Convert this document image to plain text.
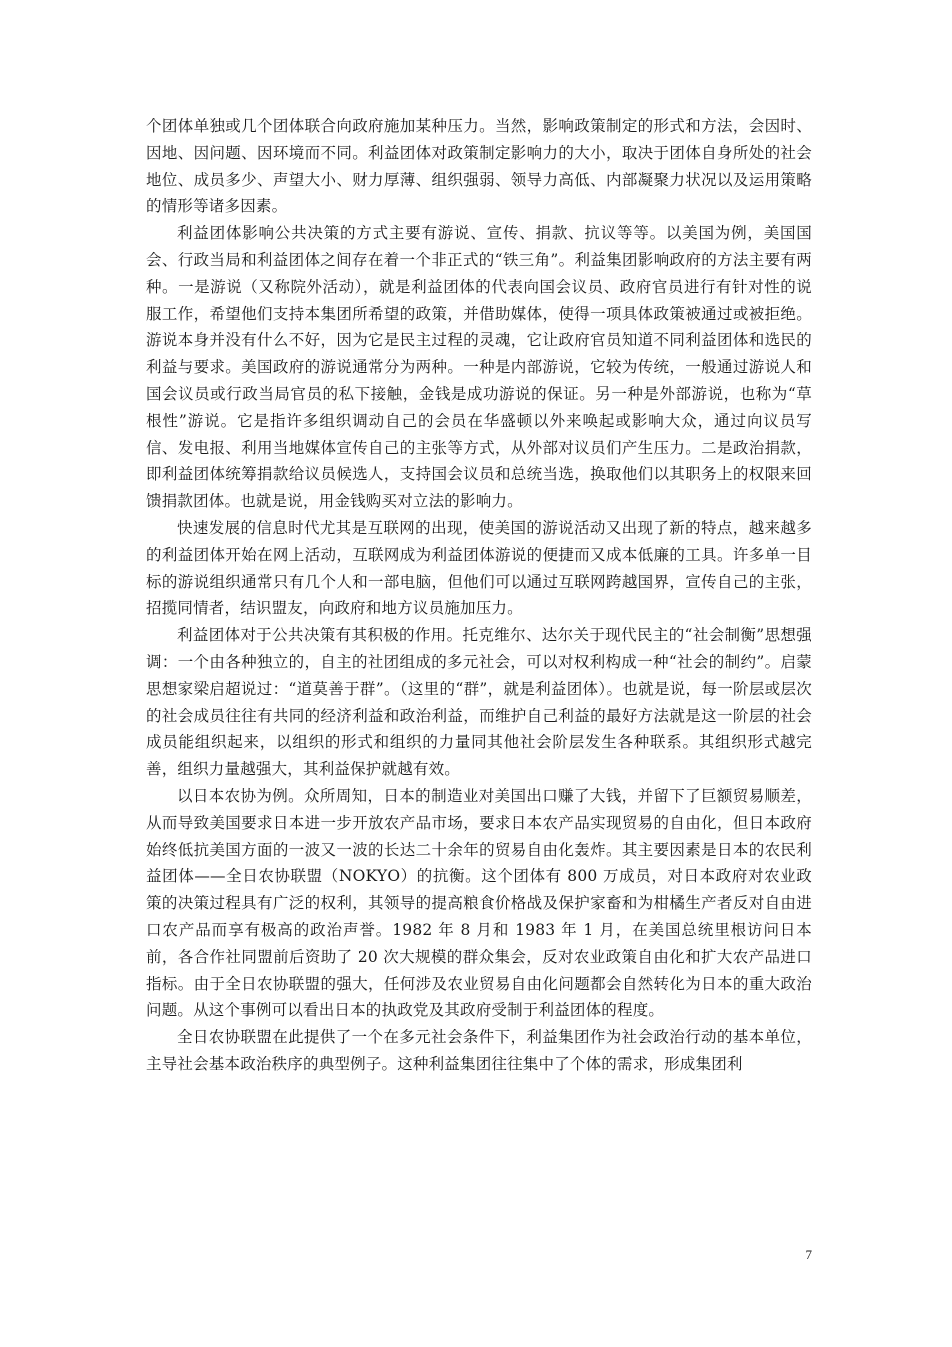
个团体单独或几个团体联合向政府施加某种压力。当然，影响政策制定的形式和方法，会因时、因地、因问题、因环境而不同。利益团体对政策制定影响力的大小，取决于团体自身所处的社会地位、成员多少、声望大小、财力厚薄、组织强弱、领导力高低、内部凝聚力状况以及运用策略的情形等诸多因素。

利益团体影响公共决策的方式主要有游说、宣传、捐款、抗议等等。以美国为例，美国国会、行政当局和利益团体之间存在着一个非正式的“铁三角”。利益集团影响政府的方法主要有两种。一是游说（又称院外活动），就是利益团体的代表向国会议员、政府官员进行有针对性的说服工作，希望他们支持本集团所希望的政策，并借助媒体，使得一项具体政策被通过或被拒绝。游说本身并没有什么不好，因为它是民主过程的灵魂，它让政府官员知道不同利益团体和选民的利益与要求。美国政府的游说通常分为两种。一种是内部游说，它较为传统，一般通过游说人和国会议员或行政当局官员的私下接触，金钱是成功游说的保证。另一种是外部游说，也称为“草根性”游说。它是指许多组织调动自己的会员在华盛顿以外来唤起或影响大众，通过向议员写信、发电报、利用当地媒体宣传自己的主张等方式，从外部对议员们产生压力。二是政治捐款，即利益团体统筹捐款给议员候选人，支持国会议员和总统当选，换取他们以其职务上的权限来回馈捐款团体。也就是说，用金钱购买对立法的影响力。

快速发展的信息时代尤其是互联网的出现，使美国的游说活动又出现了新的特点，越来越多的利益团体开始在网上活动，互联网成为利益团体游说的便捷而又成本低廉的工具。许多单一目标的游说组织通常只有几个人和一部电脑，但他们可以通过互联网跨越国界，宣传自己的主张，招揽同情者，结识盟友，向政府和地方议员施加压力。

利益团体对于公共决策有其积极的作用。托克维尔、达尔关于现代民主的“社会制衡”思想强调：一个由各种独立的，自主的社团组成的多元社会，可以对权利构成一种“社会的制约”。启蒙思想家梁启超说过：“道莫善于群”。（这里的“群”，就是利益团体）。也就是说，每一阶层或层次的社会成员往往有共同的经济利益和政治利益，而维护自己利益的最好方法就是这一阶层的社会成员能组织起来，以组织的形式和组织的力量同其他社会阶层发生各种联系。其组织形式越完善，组织力量越强大，其利益保护就越有效。

以日本农协为例。众所周知，日本的制造业对美国出口赚了大钱，并留下了巨额贸易顺差，从而导致美国要求日本进一步开放农产品市场，要求日本农产品实现贸易的自由化，但日本政府始终低抗美国方面的一波又一波的长达二十余年的贸易自由化轰炸。其主要因素是日本的农民利益团体——全日农协联盟（NOKYO）的抗衡。这个团体有 800 万成员，对日本政府对农业政策的决策过程具有广泛的权利，其领导的提高粮食价格战及保护家畜和为柑橘生产者反对自由进口农产品而享有极高的政治声誉。1982 年 8 月和 1983 年 1 月，在美国总统里根访问日本前，各合作社同盟前后资助了 20 次大规模的群众集会，反对农业政策自由化和扩大农产品进口指标。由于全日农协联盟的强大，任何涉及农业贸易自由化问题都会自然转化为日本的重大政治问题。从这个事例可以看出日本的执政党及其政府受制于利益团体的程度。

全日农协联盟在此提供了一个在多元社会条件下，利益集团作为社会政治行动的基本单位，主导社会基本政治秩序的典型例子。这种利益集团往往集中了个体的需求，形成集团利

7
